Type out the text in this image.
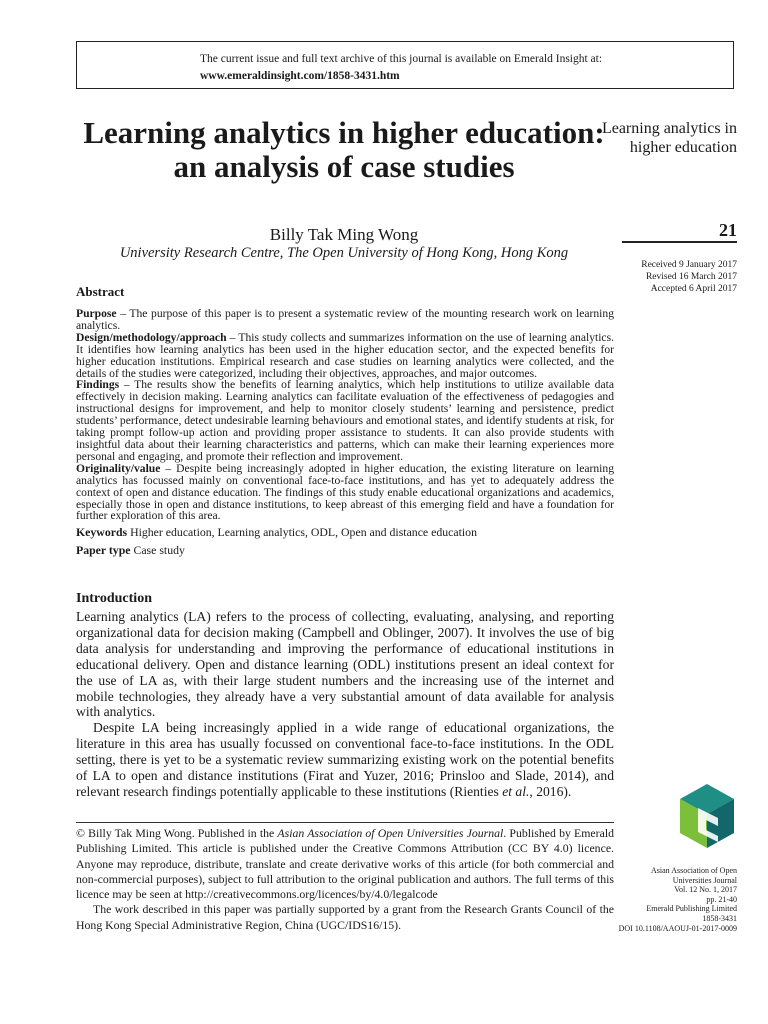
The current issue and full text archive of this journal is available on Emerald Insight at:
www.emeraldinsight.com/1858-3431.htm
Learning analytics in higher education: an analysis of case studies
Billy Tak Ming Wong
University Research Centre, The Open University of Hong Kong, Hong Kong
Learning analytics in higher education
21
Received 9 January 2017
Revised 16 March 2017
Accepted 6 April 2017
Abstract

Purpose – The purpose of this paper is to present a systematic review of the mounting research work on learning analytics.

Design/methodology/approach – This study collects and summarizes information on the use of learning analytics. It identifies how learning analytics has been used in the higher education sector, and the expected benefits for higher education institutions. Empirical research and case studies on learning analytics were collected, and the details of the studies were categorized, including their objectives, approaches, and major outcomes.

Findings – The results show the benefits of learning analytics, which help institutions to utilize available data effectively in decision making. Learning analytics can facilitate evaluation of the effectiveness of pedagogies and instructional designs for improvement, and help to monitor closely students’ learning and persistence, predict students’ performance, detect undesirable learning behaviours and emotional states, and identify students at risk, for taking prompt follow-up action and providing proper assistance to students. It can also provide students with insightful data about their learning characteristics and patterns, which can make their learning experiences more personal and engaging, and promote their reflection and improvement.

Originality/value – Despite being increasingly adopted in higher education, the existing literature on learning analytics has focussed mainly on conventional face-to-face institutions, and has yet to adequately address the context of open and distance education. The findings of this study enable educational organizations and academics, especially those in open and distance institutions, to keep abreast of this emerging field and have a foundation for further exploration of this area.

Keywords Higher education, Learning analytics, ODL, Open and distance education

Paper type Case study

Introduction

Learning analytics (LA) refers to the process of collecting, evaluating, analysing, and reporting organizational data for decision making (Campbell and Oblinger, 2007). It involves the use of big data analysis for understanding and improving the performance of educational institutions in educational delivery. Open and distance learning (ODL) institutions present an ideal context for the use of LA as, with their large student numbers and the increasing use of the internet and mobile technologies, they already have a very substantial amount of data available for analysis with analytics.

Despite LA being increasingly applied in a wide range of educational organizations, the literature in this area has usually focussed on conventional face-to-face institutions. In the ODL setting, there is yet to be a systematic review summarizing existing work on the potential benefits of LA to open and distance institutions (Firat and Yuzer, 2016; Prinsloo and Slade, 2014), and relevant research findings potentially applicable to these institutions (Rienties et al., 2016).

© Billy Tak Ming Wong. Published in the Asian Association of Open Universities Journal. Published by Emerald Publishing Limited. This article is published under the Creative Commons Attribution (CC BY 4.0) licence. Anyone may reproduce, distribute, translate and create derivative works of this article (for both commercial and non-commercial purposes), subject to full attribution to the original publication and authors. The full terms of this licence may be seen at http://creativecommons.org/licences/by/4.0/legalcode

The work described in this paper was partially supported by a grant from the Research Grants Council of the Hong Kong Special Administrative Region, China (UGC/IDS16/15).

Asian Association of Open
Universities Journal
Vol. 12 No. 1, 2017
pp. 21-40
Emerald Publishing Limited
1858-3431
DOI 10.1108/AAOUJ-01-2017-0009
